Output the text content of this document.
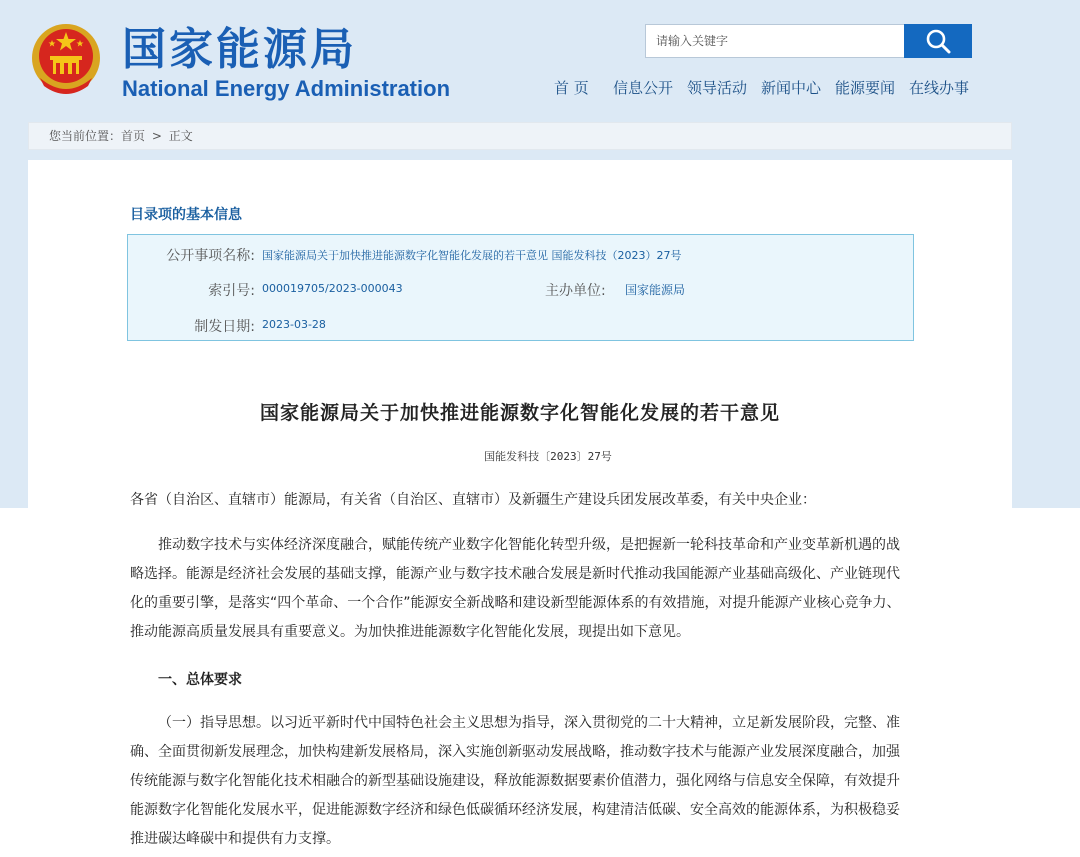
国家能源局
National Energy Administration
请输入关键字
首 页 信息公开 领导活动 新闻中心 能源要闻 在线办事
您当前位置：首页 > 正文
目录项的基本信息
公开事项名称: 国家能源局关于加快推进能源数字化智能化发展的若干意见 国能发科技（2023）27号
索引号: 000019705/2023-000043	主办单位: 国家能源局
制发日期: 2023-03-28
国家能源局关于加快推进能源数字化智能化发展的若干意见
国能发科技〔2023〕27号
各省（自治区、直辖市）能源局，有关省（自治区、直辖市）及新疆生产建设兵团发展改革委，有关中央企业：
推动数字技术与实体经济深度融合，赋能传统产业数字化智能化转型升级，是把握新一轮科技革命和产业变革新机遇的战略选择。能源是经济社会发展的基础支撑，能源产业与数字技术融合发展是新时代推动我国能源产业基础高级化、产业链现代化的重要引擎，是落实“四个革命、一个合作”能源安全新战略和建设新型能源体系的有效措施，对提升能源产业核心竞争力、推动能源高质量发展具有重要意义。为加快推进能源数字化智能化发展，现提出如下意见。
一、总体要求
（一）指导思想。以习近平新时代中国特色社会主义思想为指导，深入贯彻党的二十大精神，立足新发展阶段，完整、准确、全面贯彻新发展理念，加快构建新发展格局，深入实施创新驱动发展战略，推动数字技术与能源产业发展深度融合，加强传统能源与数字化智能化技术相融合的新型基础设施建设，释放能源数据要素价值潜力，强化网络与信息安全保障，有效提升能源数字化智能化发展水平，促进能源数字经济和绿色低碳循环经济发展，构建清洁低碳、安全高效的能源体系，为积极稳妥推进碳达峰碳中和提供有力支撑。
